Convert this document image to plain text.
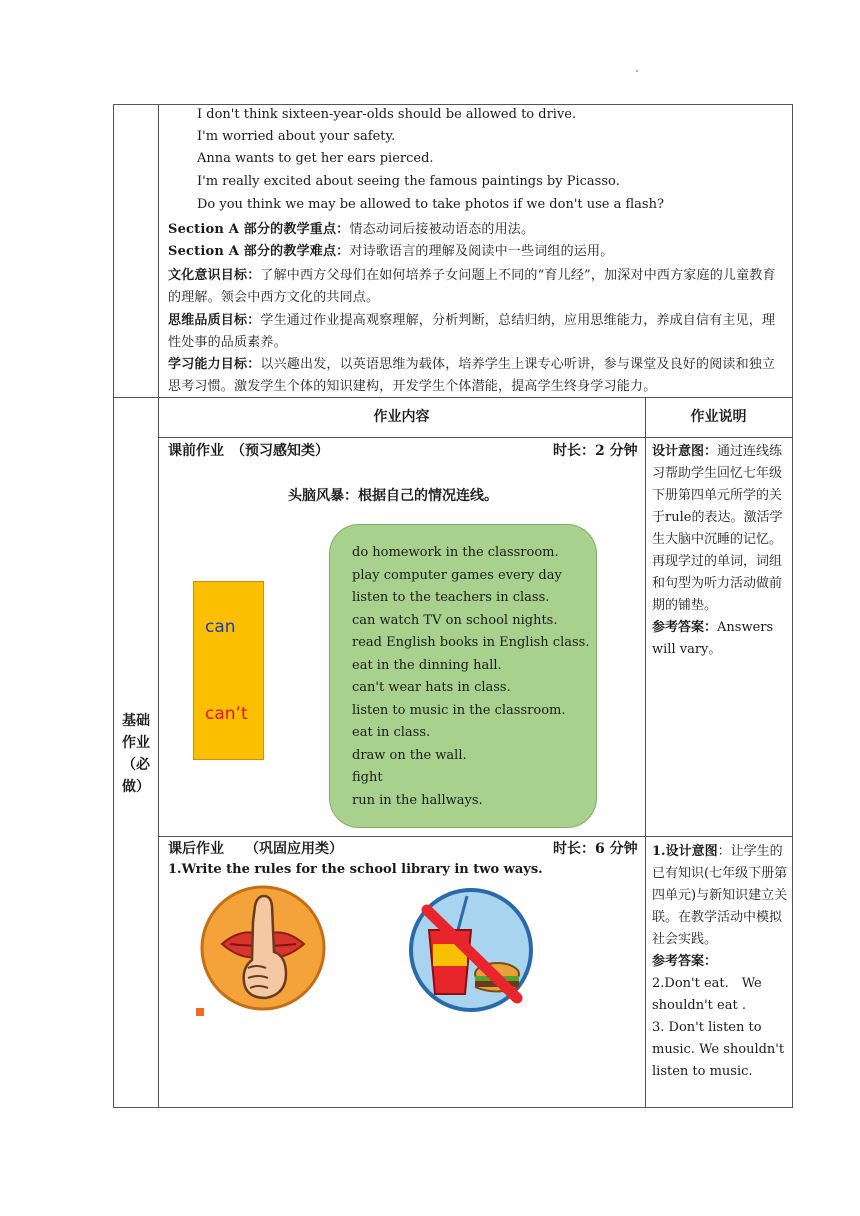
I don't think sixteen-year-olds should be allowed to drive.
I'm worried about your safety.
Anna wants to get her ears pierced.
I'm really excited about seeing the famous paintings by Picasso.
Do you think we may be allowed to take photos if we don't use a flash?
Section A 部分的教学重点：情态动词后接被动语态的用法。
Section A 部分的教学难点：对诗歌语言的理解及阅读中一些词组的运用。
文化意识目标：了解中西方父母们在如何培养子女问题上不同的“育儿经”，加深对中西方家庭的儿童教育的理解。领会中西方文化的共同点。
思维品质目标：学生通过作业提高观察理解，分析判断，总结归纳，应用思维能力，养成自信有主见，理性处事的品质素养。
学习能力目标：以兴趣出发，以英语思维为载体，培养学生上课专心听讲，参与课堂及良好的阅读和独立思考习惯。激发学生个体的知识建构，开发学生个体潜能，提高学生终身学习能力。
作业内容	作业说明
基础
作业
（必
做）
课前作业　（预习感知类）	时长：2 分钟
头脑风暴：根据自己的情况连线。
can
can’t
do homework in the classroom.
play computer games every day
listen to the teachers in class.
can watch TV on school nights.
read English books in English class.
eat in the dinning hall.
can't wear hats in class.
listen to music in the classroom.
eat in class.
draw on the wall.
fight
run in the hallways.
设计意图：通过连线练习帮助学生回忆七年级下册第四单元所学的关于rule的表达。激活学生大脑中沉睡的记忆。再现学过的单词，词组和句型为听力活动做前期的铺垫。
参考答案：Answers will vary。
课后作业　　（巩固应用类）	时长：6 分钟
1.Write the rules for the school library in two ways.
1.设计意图：让学生的已有知识(七年级下册第四单元)与新知识建立关联。在教学活动中模拟社会实践。
参考答案：
2.Don't eat.　We shouldn't eat .
3. Don't listen to music. We shouldn't listen to music.
